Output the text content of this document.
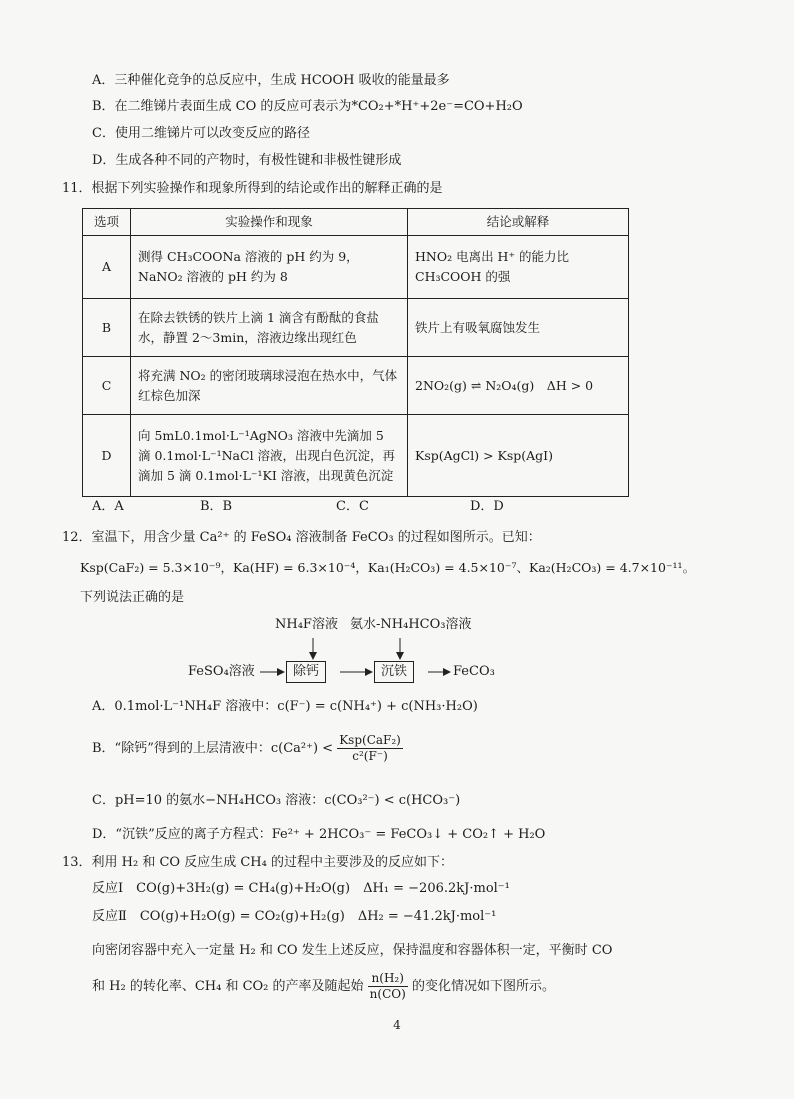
A．三种催化竞争的总反应中，生成 HCOOH 吸收的能量最多
B．在二维锑片表面生成 CO 的反应可表示为*CO₂+*H⁺+2e⁻=CO+H₂O
C．使用二维锑片可以改变反应的路径
D．生成各种不同的产物时，有极性键和非极性键形成
11．根据下列实验操作和现象所得到的结论或作出的解释正确的是
选项	实验操作和现象	结论或解释
A	测得 CH₃COONa 溶液的 pH 约为 9，NaNO₂ 溶液的 pH 约为 8	HNO₂ 电离出 H⁺ 的能力比 CH₃COOH 的强
B	在除去铁锈的铁片上滴 1 滴含有酚酞的食盐水，静置 2～3min，溶液边缘出现红色	铁片上有吸氧腐蚀发生
C	将充满 NO₂ 的密闭玻璃球浸泡在热水中，气体红棕色加深	2NO₂(g) ⇌ N₂O₄(g)　ΔH > 0
D	向 5mL0.1mol·L⁻¹AgNO₃ 溶液中先滴加 5 滴 0.1mol·L⁻¹NaCl 溶液，出现白色沉淀，再滴加 5 滴 0.1mol·L⁻¹KI 溶液，出现黄色沉淀	Ksp(AgCl) > Ksp(AgI)
A．A	B．B	C．C	D．D
12．室温下，用含少量 Ca²⁺ 的 FeSO₄ 溶液制备 FeCO₃ 的过程如图所示。已知：
Ksp(CaF₂) = 5.3×10⁻⁹，Ka(HF) = 6.3×10⁻⁴，Ka₁(H₂CO₃) = 4.5×10⁻⁷、Ka₂(H₂CO₃) = 4.7×10⁻¹¹。
下列说法正确的是
NH₄F溶液 氨水-NH₄HCO₃溶液
FeSO₄溶液	除钙	沉铁	FeCO₃
A．0.1mol·L⁻¹NH₄F 溶液中：c(F⁻) = c(NH₄⁺) + c(NH₃·H₂O)
B．“除钙”得到的上层清液中：$c(Ca^{2+}) < \frac{\text{Ksp(CaF₂)}}{\text{c²(F⁻)}}$
C．pH=10 的氨水−NH₄HCO₃ 溶液：c(CO₃²⁻) < c(HCO₃⁻)
D．“沉铁”反应的离子方程式：Fe²⁺ + 2HCO₃⁻ = FeCO₃↓ + CO₂↑ + H₂O
13．利用 H₂ 和 CO 反应生成 CH₄ 的过程中主要涉及的反应如下：
反应Ⅰ　CO(g)+3H₂(g) = CH₄(g)+H₂O(g)　ΔH₁ = −206.2kJ·mol⁻¹
反应Ⅱ　CO(g)+H₂O(g) = CO₂(g)+H₂(g)　ΔH₂ = −41.2kJ·mol⁻¹
向密闭容器中充入一定量 H₂ 和 CO 发生上述反应，保持温度和容器体积一定，平衡时 CO
和 H₂ 的转化率、CH₄ 和 CO₂ 的产率及随起始 $\frac{\text{n(H₂)}}{n(CO)}$ 的变化情况如下图所示。
4
